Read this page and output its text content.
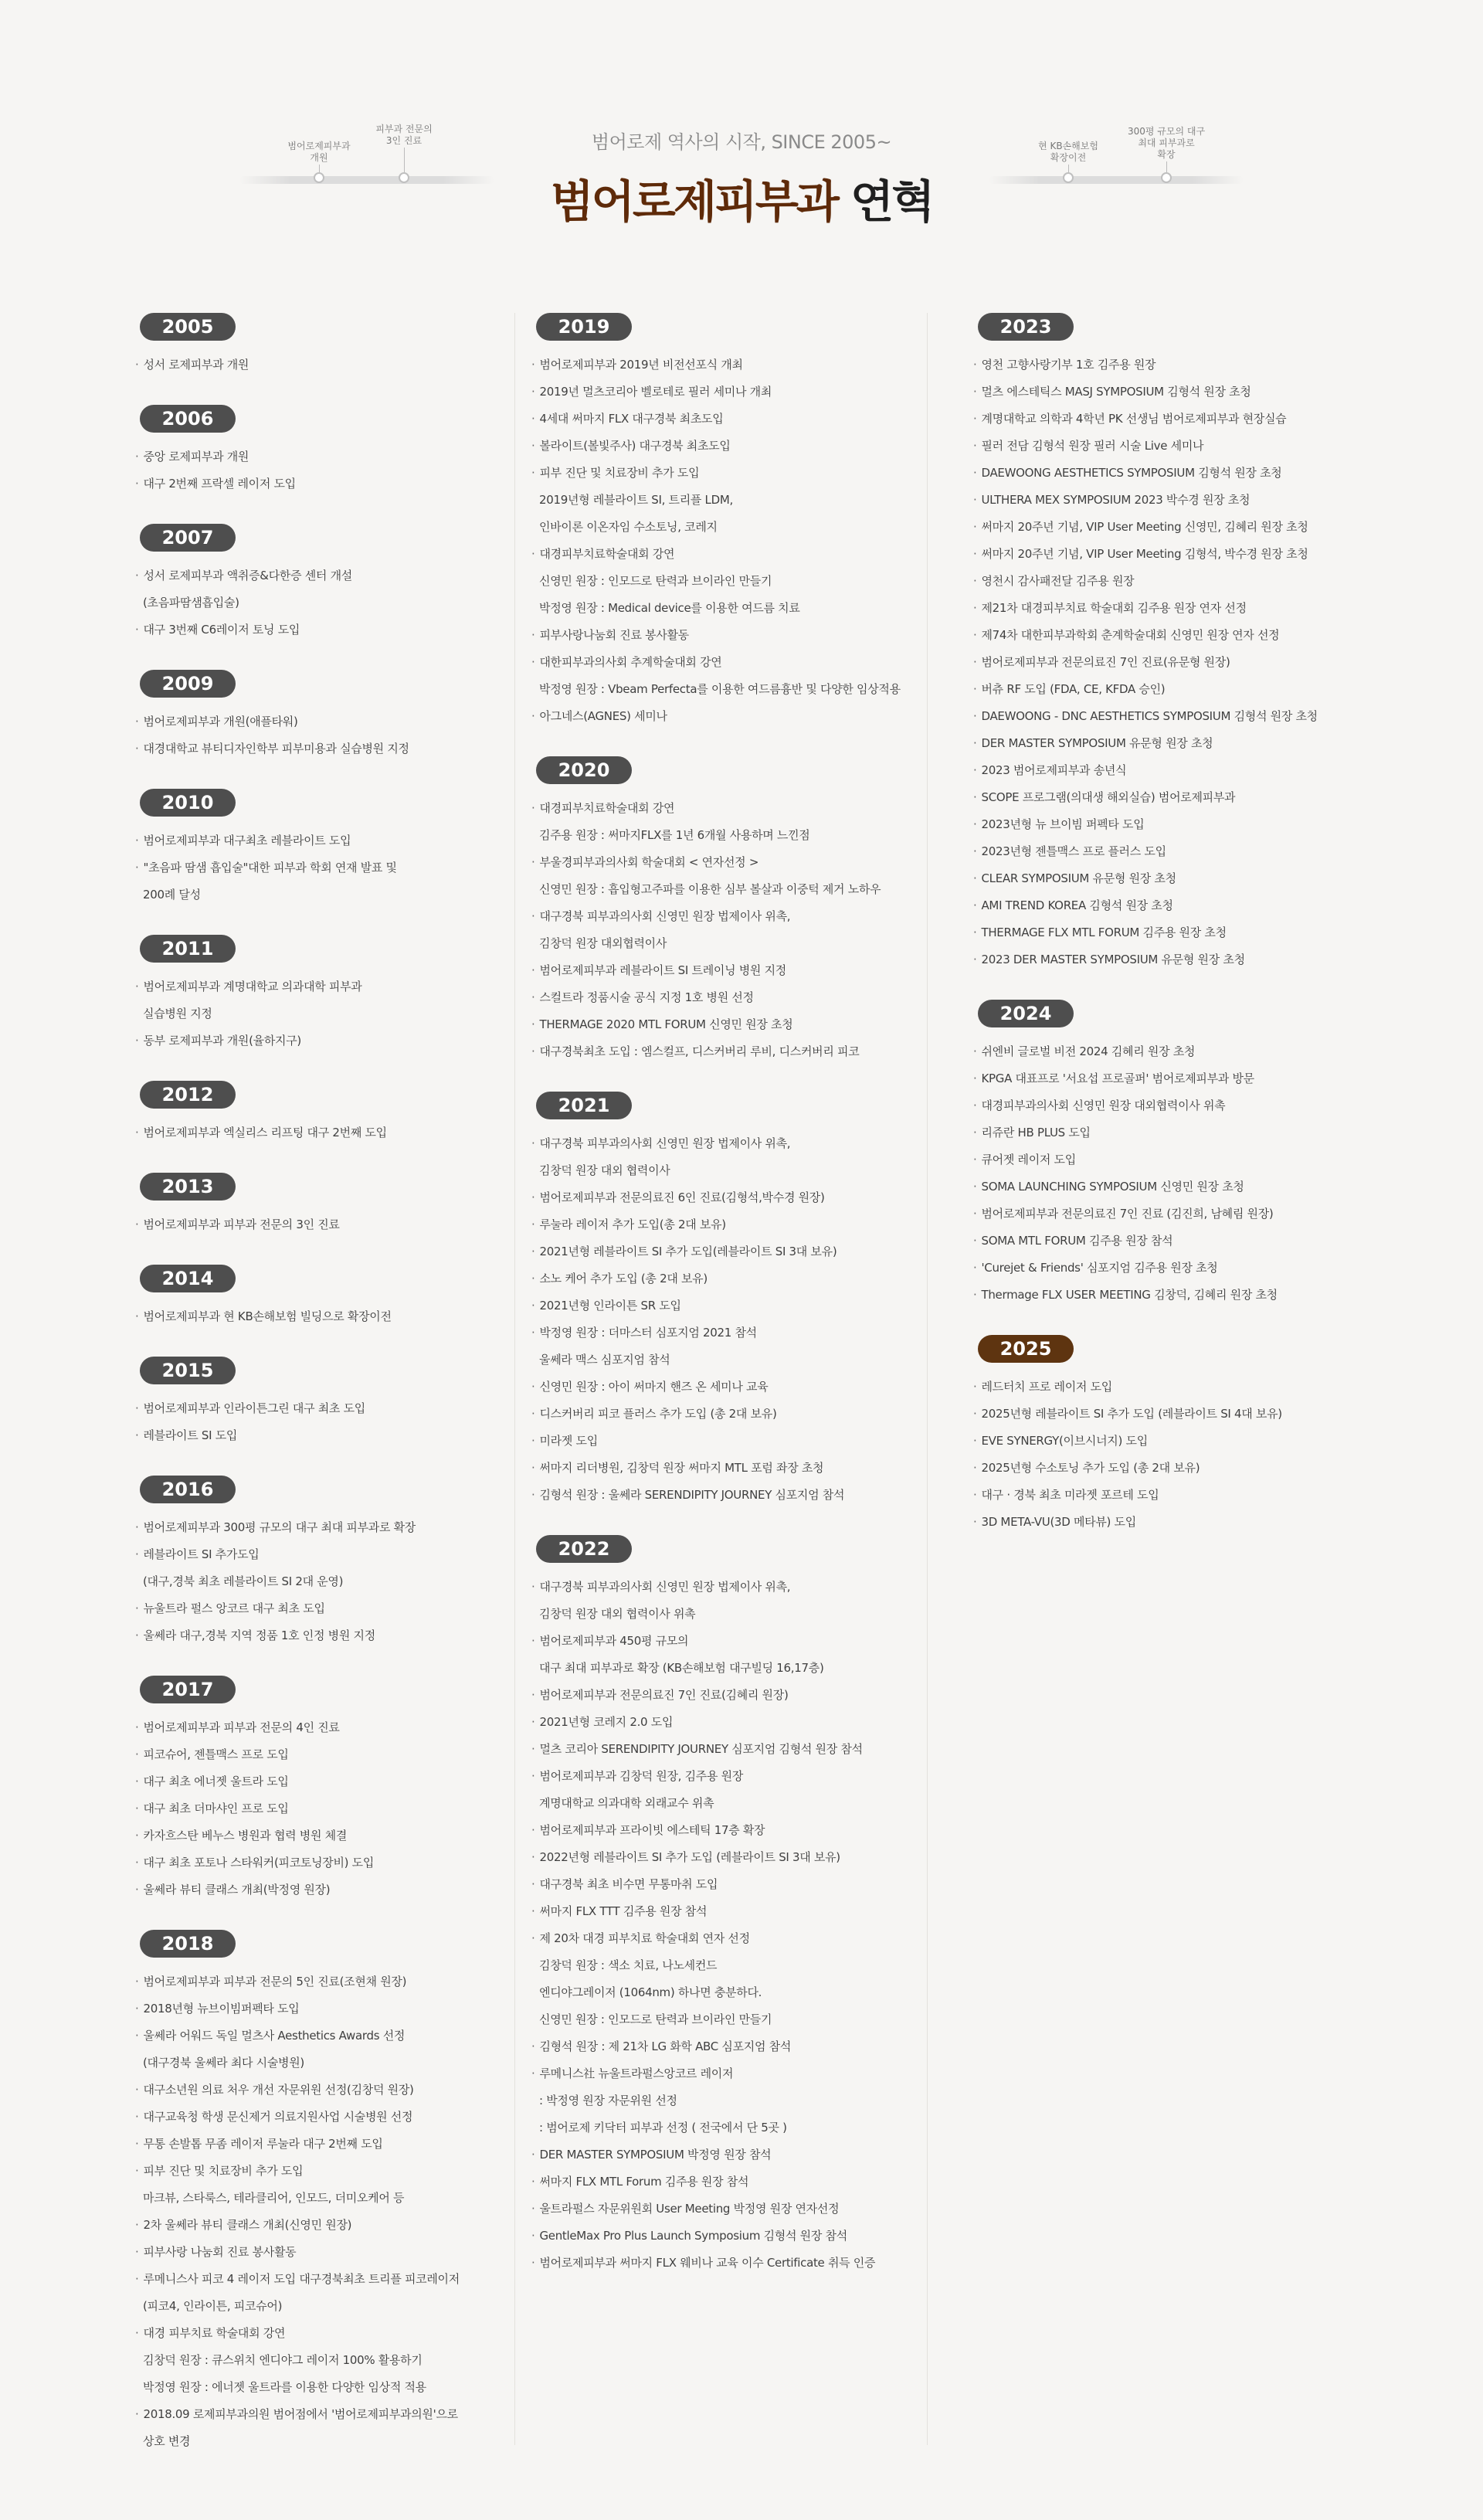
범어로제피부과
개원
피부과 전문의
3인 진료	범어로제 역사의 시작, SINCE 2005~
범어로제피부과 연혁
현 KB손해보험
확장이전
300평 규모의 대구
최대 피부과로
확장
2005

· 성서 로제피부과 개원
2006

· 중앙 로제피부과 개원
· 대구 2번째 프락셀 레이저 도입
2007

· 성서 로제피부과 액취증&다한증 센터 개설
(초음파땀샘흡입술)
· 대구 3번째 C6레이저 토닝 도입
2009

· 범어로제피부과 개원(애플타워)
· 대경대학교 뷰티디자인학부 피부미용과 실습병원 지정
2010

· 범어로제피부과 대구최초 레블라이트 도입
· "초음파 땀샘 흡입술"대한 피부과 학회 연재 발표 및
200례 달성
2011

· 범어로제피부과 계명대학교 의과대학 피부과
실습병원 지정
· 동부 로제피부과 개원(율하지구)
2012

· 범어로제피부과 엑실리스 리프팅 대구 2번째 도입
2013

· 범어로제피부과 피부과 전문의 3인 진료
2014

· 범어로제피부과 현 KB손해보험 빌딩으로 확장이전
2015

· 범어로제피부과 인라이튼그린 대구 최초 도입
· 레블라이트 SI 도입
2016

· 범어로제피부과 300평 규모의 대구 최대 피부과로 확장
· 레블라이트 SI 추가도입
(대구,경북 최초 레블라이트 SI 2대 운영)
· 뉴울트라 펄스 앙코르 대구 최초 도입
· 울쎄라 대구,경북 지역 정품 1호 인정 병원 지정
2017

· 범어로제피부과 피부과 전문의 4인 진료
· 피코슈어, 젠틀맥스 프로 도입
· 대구 최초 에너젯 울트라 도입
· 대구 최초 더마샤인 프로 도입
· 카자흐스탄 베누스 병원과 협력 병원 체결
· 대구 최초 포토나 스타워커(피코토닝장비) 도입
· 울쎄라 뷰티 클래스 개최(박정영 원장)
2018

· 범어로제피부과 피부과 전문의 5인 진료(조현채 원장)
· 2018년형 뉴브이빔퍼펙타 도입
· 울쎄라 어워드 독일 멀츠사 Aesthetics Awards 선정
(대구경북 울쎄라 최다 시술병원)
· 대구소년원 의료 처우 개선 자문위원 선정(김창덕 원장)
· 대구교육청 학생 문신제거 의료지원사업 시술병원 선정
· 무통 손발톱 무좀 레이저 루눌라 대구 2번째 도입
· 피부 진단 및 치료장비 추가 도입
마크뷰, 스타룩스, 테라클리어, 인모드, 더미오케어 등
· 2차 울쎄라 뷰티 클래스 개최(신영민 원장)
· 피부사랑 나눔회 진료 봉사활동
· 루메니스사 피코 4 레이저 도입 대구경북최초 트리플 피코레이저
(피코4, 인라이튼, 피코슈어)
· 대경 피부치료 학술대회 강연
김창덕 원장 : 큐스위치 엔디야그 레이저 100% 활용하기
박정영 원장 : 에너젯 울트라를 이용한 다양한 임상적 적용
· 2018.09 로제피부과의원 범어점에서 '범어로제피부과의원'으로
상호 변경
2019

· 범어로제피부과 2019년 비전선포식 개최
· 2019년 멀츠코리아 벨로테로 필러 세미나 개최
· 4세대 써마지 FLX 대구경북 최초도입
· 볼라이트(볼빛주사) 대구경북 최초도입
· 피부 진단 및 치료장비 추가 도입
2019년형 레블라이트 SI, 트리플 LDM,
인바이론 이온자임 수소토닝, 코레지
· 대경피부치료학술대회 강연
신영민 원장 : 인모드로 탄력과 브이라인 만들기
박정영 원장 : Medical device를 이용한 여드름 치료
· 피부사랑나눔회 진료 봉사활동
· 대한피부과의사회 추계학술대회 강연
박정영 원장 : Vbeam Perfecta를 이용한 여드름흉반 및 다양한 임상적용
· 아그네스(AGNES) 세미나
2020

· 대경피부치료학술대회 강연
김주용 원장 : 써마지FLX를 1년 6개월 사용하며 느낀점
· 부울경피부과의사회 학술대회 < 연자선정 >
신영민 원장 : 흡입형고주파를 이용한 심부 볼살과 이중턱 제거 노하우
· 대구경북 피부과의사회 신영민 원장 법제이사 위촉,
김창덕 원장 대외협력이사
· 범어로제피부과 레블라이트 SI 트레이닝 병원 지정
· 스컬트라 정품시술 공식 지정 1호 병원 선정
· THERMAGE 2020 MTL FORUM 신영민 원장 초청
· 대구경북최초 도입 : 엠스컬프, 디스커버리 루비, 디스커버리 피코
2021

· 대구경북 피부과의사회 신영민 원장 법제이사 위촉,
김창덕 원장 대외 협력이사
· 범어로제피부과 전문의료진 6인 진료(김형석,박수경 원장)
· 루눌라 레이저 추가 도입(총 2대 보유)
· 2021년형 레블라이트 SI 추가 도입(레블라이트 SI 3대 보유)
· 소노 케어 추가 도입 (총 2대 보유)
· 2021년형 인라이튼 SR 도입
· 박정영 원장 : 더마스터 심포지엄 2021 참석
울쎄라 맥스 심포지엄 참석
· 신영민 원장 : 아이 써마지 핸즈 온 세미나 교육
· 디스커버리 피코 플러스 추가 도입 (총 2대 보유)
· 미라젯 도입
· 써마지 리더병원, 김창덕 원장 써마지 MTL 포럼 좌장 초청
· 김형석 원장 : 울쎄라 SERENDIPITY JOURNEY 심포지엄 참석
2022

· 대구경북 피부과의사회 신영민 원장 법제이사 위촉,
김창덕 원장 대외 협력이사 위촉
· 범어로제피부과 450평 규모의
대구 최대 피부과로 확장 (KB손해보험 대구빌딩 16,17층)
· 범어로제피부과 전문의료진 7인 진료(김혜리 원장)
· 2021년형 코레지 2.0 도입
· 멀츠 코리아 SERENDIPITY JOURNEY 심포지엄 김형석 원장 참석
· 범어로제피부과 김창덕 원장, 김주용 원장
계명대학교 의과대학 외래교수 위촉
· 범어로제피부과 프라이빗 에스테틱 17층 확장
· 2022년형 레블라이트 SI 추가 도입 (레블라이트 SI 3대 보유)
· 대구경북 최초 비수면 무통마취 도입
· 써마지 FLX TTT 김주용 원장 참석
· 제 20차 대경 피부치료 학술대회 연자 선정
김창덕 원장 : 색소 치료, 나노세컨드
엔디야그레이저 (1064nm) 하나면 충분하다.
신영민 원장 : 인모드로 탄력과 브이라인 만들기
· 김형석 원장 : 제 21차 LG 화학 ABC 심포지엄 참석
· 루메니스社 뉴울트라펄스앙코르 레이저
: 박정영 원장 자문위원 선정
: 범어로제 키닥터 피부과 선정 ( 전국에서 단 5곳 )
· DER MASTER SYMPOSIUM 박정영 원장 참석
· 써마지 FLX MTL Forum 김주용 원장 참석
· 울트라펄스 자문위원회 User Meeting 박정영 원장 연자선정
· GentleMax Pro Plus Launch Symposium 김형석 원장 참석
· 범어로제피부과 써마지 FLX 웨비나 교육 이수 Certificate 취득 인증
2023

· 영천 고향사랑기부 1호 김주용 원장
· 멀츠 에스테틱스 MASJ SYMPOSIUM 김형석 원장 초청
· 계명대학교 의학과 4학년 PK 선생님 범어로제피부과 현장실습
· 필러 전담 김형석 원장 필러 시술 Live 세미나
· DAEWOONG AESTHETICS SYMPOSIUM 김형석 원장 초청
· ULTHERA MEX SYMPOSIUM 2023 박수경 원장 초청
· 써마지 20주년 기념, VIP User Meeting 신영민, 김혜리 원장 초청
· 써마지 20주년 기념, VIP User Meeting 김형석, 박수경 원장 초청
· 영천시 감사패전달 김주용 원장
· 제21차 대경피부치료 학술대회 김주용 원장 연자 선정
· 제74차 대한피부과학회 춘계학술대회 신영민 원장 연자 선정
· 범어로제피부과 전문의료진 7인 진료(유문형 원장)
· 버츄 RF 도입 (FDA, CE, KFDA 승인)
· DAEWOONG - DNC AESTHETICS SYMPOSIUM 김형석 원장 초청
· DER MASTER SYMPOSIUM 유문형 원장 초청
· 2023 범어로제피부과 송년식
· SCOPE 프로그램(의대생 해외실습) 범어로제피부과
· 2023년형 뉴 브이빔 퍼펙타 도입
· 2023년형 젠틀맥스 프로 플러스 도입
· CLEAR SYMPOSIUM 유문형 원장 초청
· AMI TREND KOREA 김형석 원장 초청
· THERMAGE FLX MTL FORUM 김주용 원장 초청
· 2023 DER MASTER SYMPOSIUM 유문형 원장 초청
2024

· 쉬엔비 글로벌 비전 2024 김혜리 원장 초청
· KPGA 대표프로 '서요섭 프로골퍼' 범어로제피부과 방문
· 대경피부과의사회 신영민 원장 대외협력이사 위촉
· 리쥬란 HB PLUS 도입
· 큐어젯 레이저 도입
· SOMA LAUNCHING SYMPOSIUM 신영민 원장 초청
· 범어로제피부과 전문의료진 7인 진료 (김진희, 남혜림 원장)
· SOMA MTL FORUM 김주용 원장 참석
· 'Curejet & Friends' 심포지엄 김주용 원장 초청
· Thermage FLX USER MEETING 김창덕, 김혜리 원장 초청
2025

· 레드터치 프로 레이저 도입
· 2025년형 레블라이트 SI 추가 도입 (레블라이트 SI 4대 보유)
· EVE SYNERGY(이브시너지) 도입
· 2025년형 수소토닝 추가 도입 (총 2대 보유)
· 대구 · 경북 최초 미라젯 포르테 도입
· 3D META-VU(3D 메타뷰) 도입
